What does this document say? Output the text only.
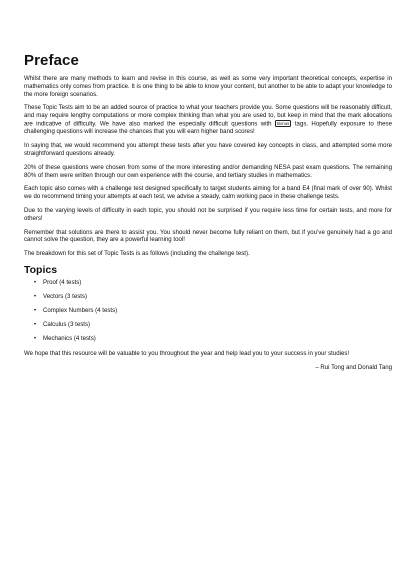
Preface

Whilst there are many methods to learn and revise in this course, as well as some very important theoretical concepts, expertise in mathematics only comes from practice. It is one thing to be able to know your content, but another to be able to adapt your knowledge to the more foreign scenarios.

These Topic Tests aim to be an added source of practice to what your teachers provide you. Some questions will be reasonably difficult, and may require lengthy computations or more complex thinking than what you are used to, but keep in mind that the mark allocations are indicative of difficulty. We have also marked the especially difficult questions with Bonus tags. Hopefully exposure to these challenging questions will increase the chances that you will earn higher band scores!

In saying that, we would recommend you attempt these tests after you have covered key concepts in class, and attempted some more straightforward questions already.

20% of these questions were chosen from some of the more interesting and/or demanding NESA past exam questions. The remaining 80% of them were written through our own experience with the course, and tertiary studies in mathematics.

Each topic also comes with a challenge test designed specifically to target students aiming for a band E4 (final mark of over 90). Whilst we do recommend timing your attempts at each test, we advise a steady, calm working pace in these challenge tests.

Due to the varying levels of difficulty in each topic, you should not be surprised if you require less time for certain tests, and more for others!

Remember that solutions are there to assist you. You should never become fully reliant on them, but if you’ve genuinely had a go and cannot solve the question, they are a powerful learning tool!

The breakdown for this set of Topic Tests is as follows (including the challenge test).

Topics
•	Proof (4 tests)
•	Vectors (3 tests)
•	Complex Numbers (4 tests)
•	Calculus (3 tests)
•	Mechanics (4 tests)

We hope that this resource will be valuable to you throughout the year and help lead you to your success in your studies!

– Rui Tong and Donald Tang
